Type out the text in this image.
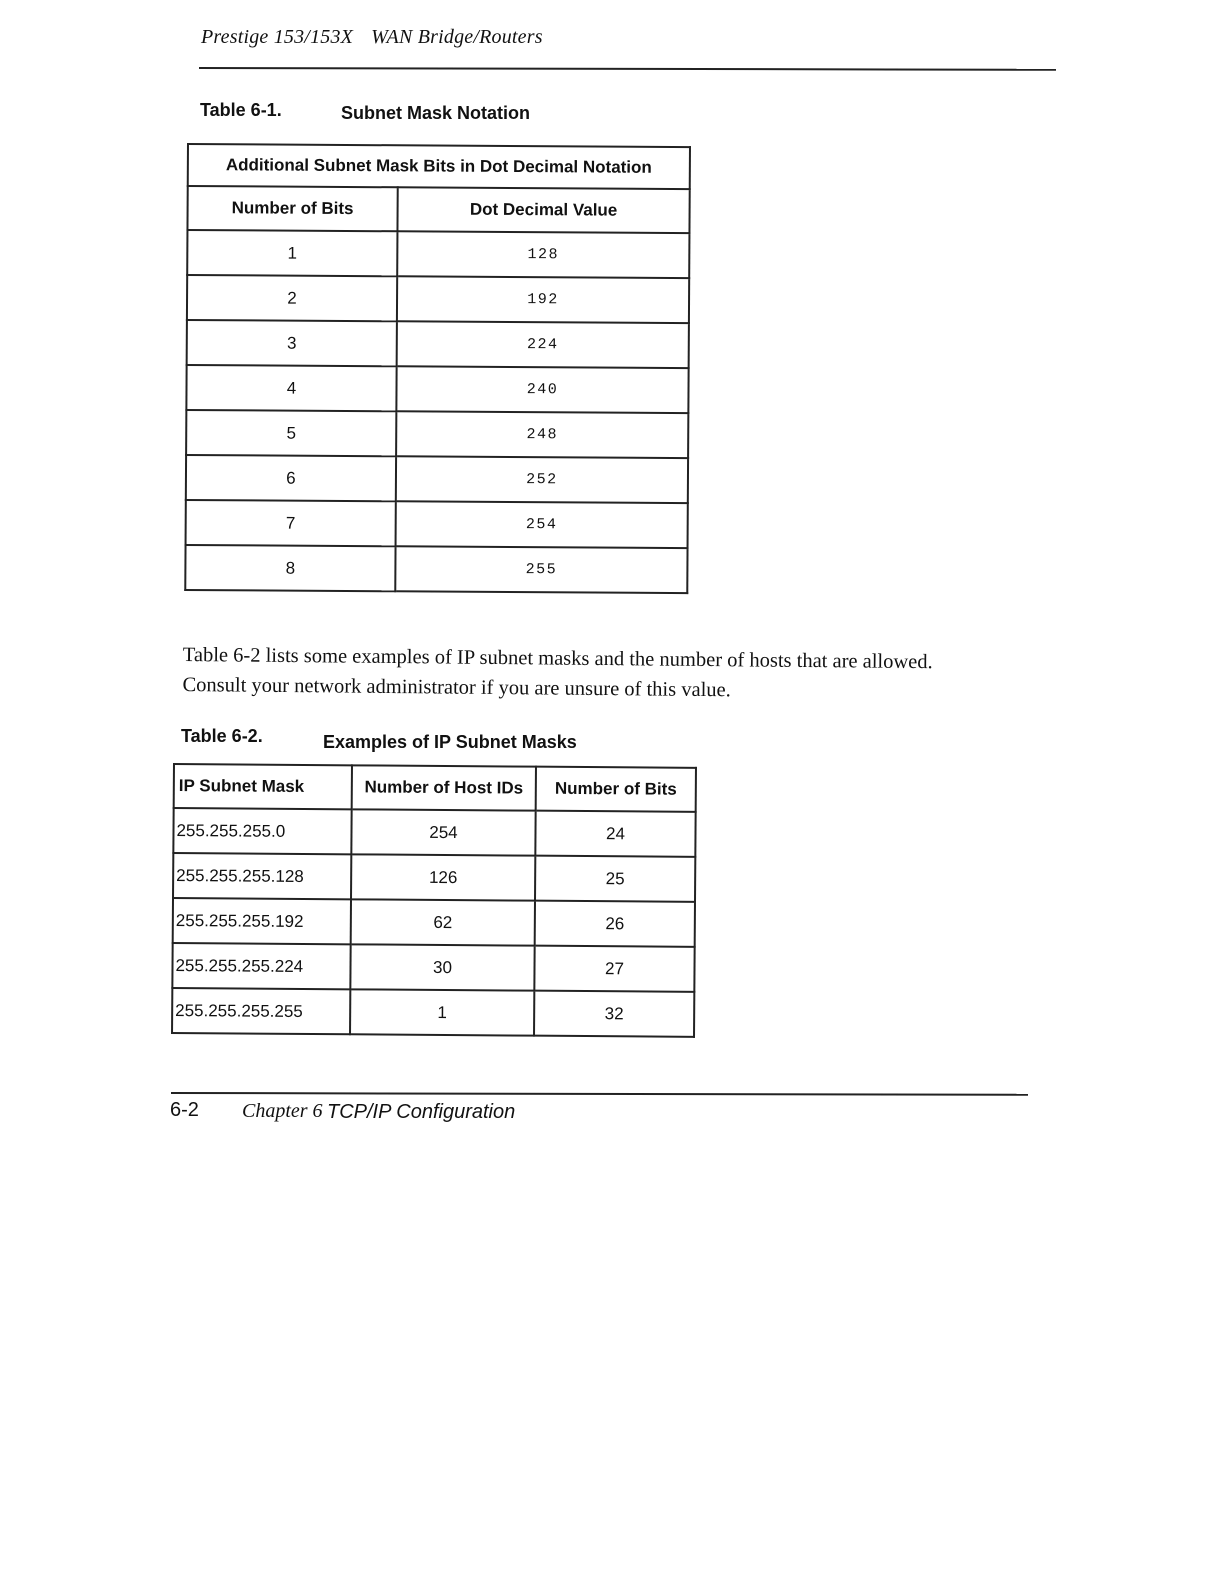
Prestige 153/153X WAN Bridge/Routers
Table 6-1.	Subnet Mask Notation
Additional Subnet Mask Bits in Dot Decimal Notation	
Number of Bits	Dot Decimal Value
1	128
2	192
3	224
4	240
5	248
6	252
7	254
8	255
Table 6-2 lists some examples of IP subnet masks and the number of hosts that are allowed.
Consult your network administrator if you are unsure of this value.
Table 6-2.	Examples of IP Subnet Masks
IP Subnet Mask	Number of Host IDs	Number of Bits
255.255.255.0	254	24
255.255.255.128	126	25
255.255.255.192	62	26
255.255.255.224	30	27
255.255.255.255	1	32
6-2 Chapter 6 TCP/IP Configuration
